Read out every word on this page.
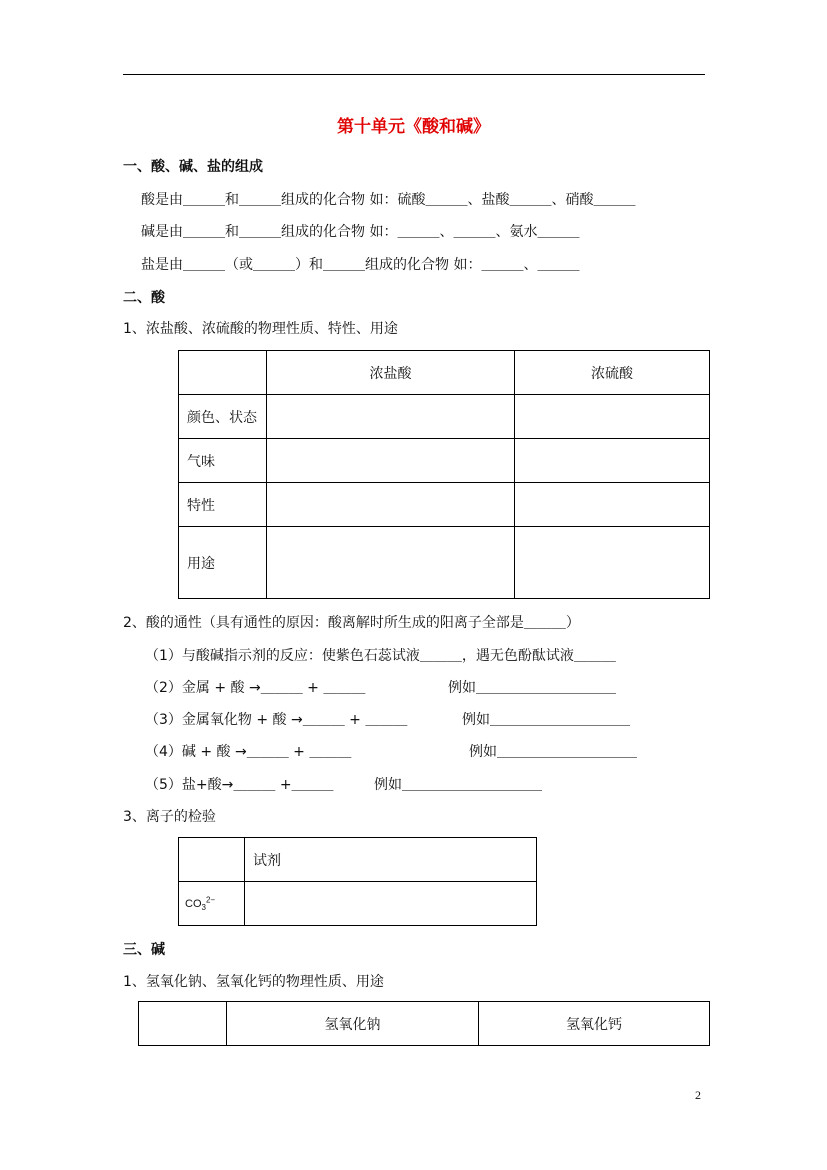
第十单元《酸和碱》
一、酸、碱、盐的组成
酸是由＿＿＿和＿＿＿组成的化合物 如：硫酸＿＿＿、盐酸＿＿＿、硝酸＿＿＿
碱是由＿＿＿和＿＿＿组成的化合物 如：＿＿＿、＿＿＿、氨水＿＿＿
盐是由＿＿＿（或＿＿＿）和＿＿＿组成的化合物 如：＿＿＿、＿＿＿
二、酸
1、浓盐酸、浓硫酸的物理性质、特性、用途
	浓盐酸	浓硫酸
颜色、状态		
气味		
特性		
用途		
2、酸的通性（具有通性的原因：酸离解时所生成的阳离子全部是＿＿＿）
（1）与酸碱指示剂的反应：使紫色石蕊试液＿＿＿，遇无色酚酞试液＿＿＿
（2）金属 + 酸 →＿＿＿ + ＿＿＿	例如＿＿＿＿＿＿＿＿＿＿
（3）金属氧化物 + 酸 →＿＿＿ + ＿＿＿	例如＿＿＿＿＿＿＿＿＿＿
（4）碱 + 酸 →＿＿＿ + ＿＿＿	例如＿＿＿＿＿＿＿＿＿＿
（5）盐+酸→＿＿＿ +＿＿＿	例如＿＿＿＿＿＿＿＿＿＿
3、离子的检验
	试剂
$CO_3^{2-}$	
三、碱
1、氢氧化钠、氢氧化钙的物理性质、用途
	氢氧化钠	氢氧化钙
2
